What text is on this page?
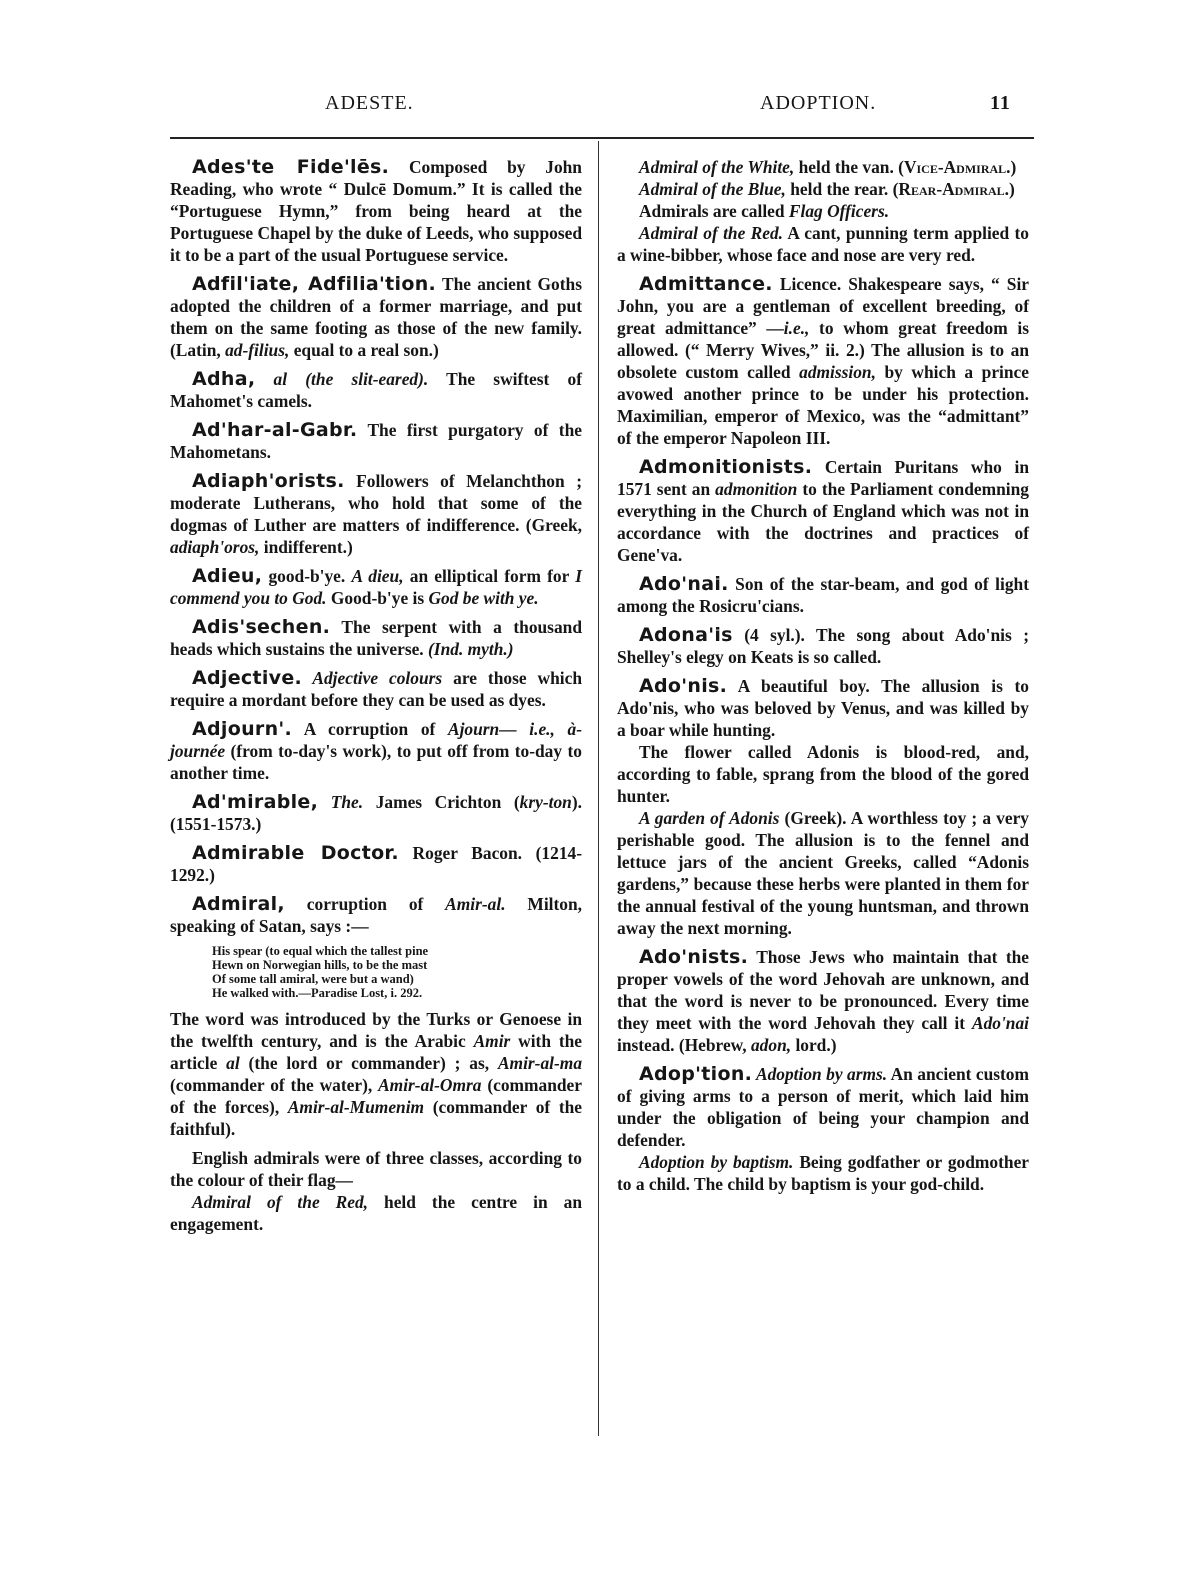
ADESTE.	ADOPTION.	11

Ades'te Fide'lēs. Composed by John Reading, who wrote “ Dulcē Domum.” It is called the “Portuguese Hymn,” from being heard at the Portuguese Chapel by the duke of Leeds, who supposed it to be a part of the usual Portuguese service.

Adfil'iate, Adfilia'tion. The ancient Goths adopted the children of a former marriage, and put them on the same footing as those of the new family. (Latin, ad-filius, equal to a real son.)

Adha, al (the slit-eared). The swiftest of Mahomet's camels.

Ad'har-al-Gabr. The first purgatory of the Mahometans.

Adiaph'orists. Followers of Melanchthon ; moderate Lutherans, who hold that some of the dogmas of Luther are matters of indifference. (Greek, adiaph'oros, indifferent.)

Adieu, good-b'ye. A dieu, an elliptical form for I commend you to God. Good-b'ye is God be with ye.

Adis'sechen. The serpent with a thousand heads which sustains the universe. (Ind. myth.)

Adjective. Adjective colours are those which require a mordant before they can be used as dyes.

Adjourn'. A corruption of Ajourn— i.e., à-journée (from to-day's work), to put off from to-day to another time.

Ad'mirable, The. James Crichton (kry-ton). (1551-1573.)

Admirable Doctor. Roger Bacon. (1214-1292.)

Admiral, corruption of Amir-al. Milton, speaking of Satan, says :—

His spear (to equal which the tallest pine
Hewn on Norwegian hills, to be the mast
Of some tall amiral, were but a wand)
He walked with.—Paradise Lost, i. 292.

The word was introduced by the Turks or Genoese in the twelfth century, and is the Arabic Amir with the article al (the lord or commander) ; as, Amir-al-ma (commander of the water), Amir-al-Omra (commander of the forces), Amir-al-Mumenim (commander of the faithful).

English admirals were of three classes, according to the colour of their flag—

Admiral of the Red, held the centre in an engagement.

Admiral of the White, held the van. (Vice-Admiral.)

Admiral of the Blue, held the rear. (Rear-Admiral.)

Admirals are called Flag Officers.

Admiral of the Red. A cant, punning term applied to a wine-bibber, whose face and nose are very red.

Admittance. Licence. Shakespeare says, “ Sir John, you are a gentleman of excellent breeding, of great admittance” —i.e., to whom great freedom is allowed. (“ Merry Wives,” ii. 2.) The allusion is to an obsolete custom called admission, by which a prince avowed another prince to be under his protection. Maximilian, emperor of Mexico, was the “admittant” of the emperor Napoleon III.

Admonitionists. Certain Puritans who in 1571 sent an admonition to the Parliament condemning everything in the Church of England which was not in accordance with the doctrines and practices of Gene'va.

Ado'nai. Son of the star-beam, and god of light among the Rosicru'cians.

Adona'is (4 syl.). The song about Ado'nis ; Shelley's elegy on Keats is so called.

Ado'nis. A beautiful boy. The allusion is to Ado'nis, who was beloved by Venus, and was killed by a boar while hunting.

The flower called Adonis is blood-red, and, according to fable, sprang from the blood of the gored hunter.

A garden of Adonis (Greek). A worthless toy ; a very perishable good. The allusion is to the fennel and lettuce jars of the ancient Greeks, called “Adonis gardens,” because these herbs were planted in them for the annual festival of the young huntsman, and thrown away the next morning.

Ado'nists. Those Jews who maintain that the proper vowels of the word Jehovah are unknown, and that the word is never to be pronounced. Every time they meet with the word Jehovah they call it Ado'nai instead. (Hebrew, adon, lord.)

Adop'tion. Adoption by arms. An ancient custom of giving arms to a person of merit, which laid him under the obligation of being your champion and defender.

Adoption by baptism. Being godfather or godmother to a child. The child by baptism is your god-child.
